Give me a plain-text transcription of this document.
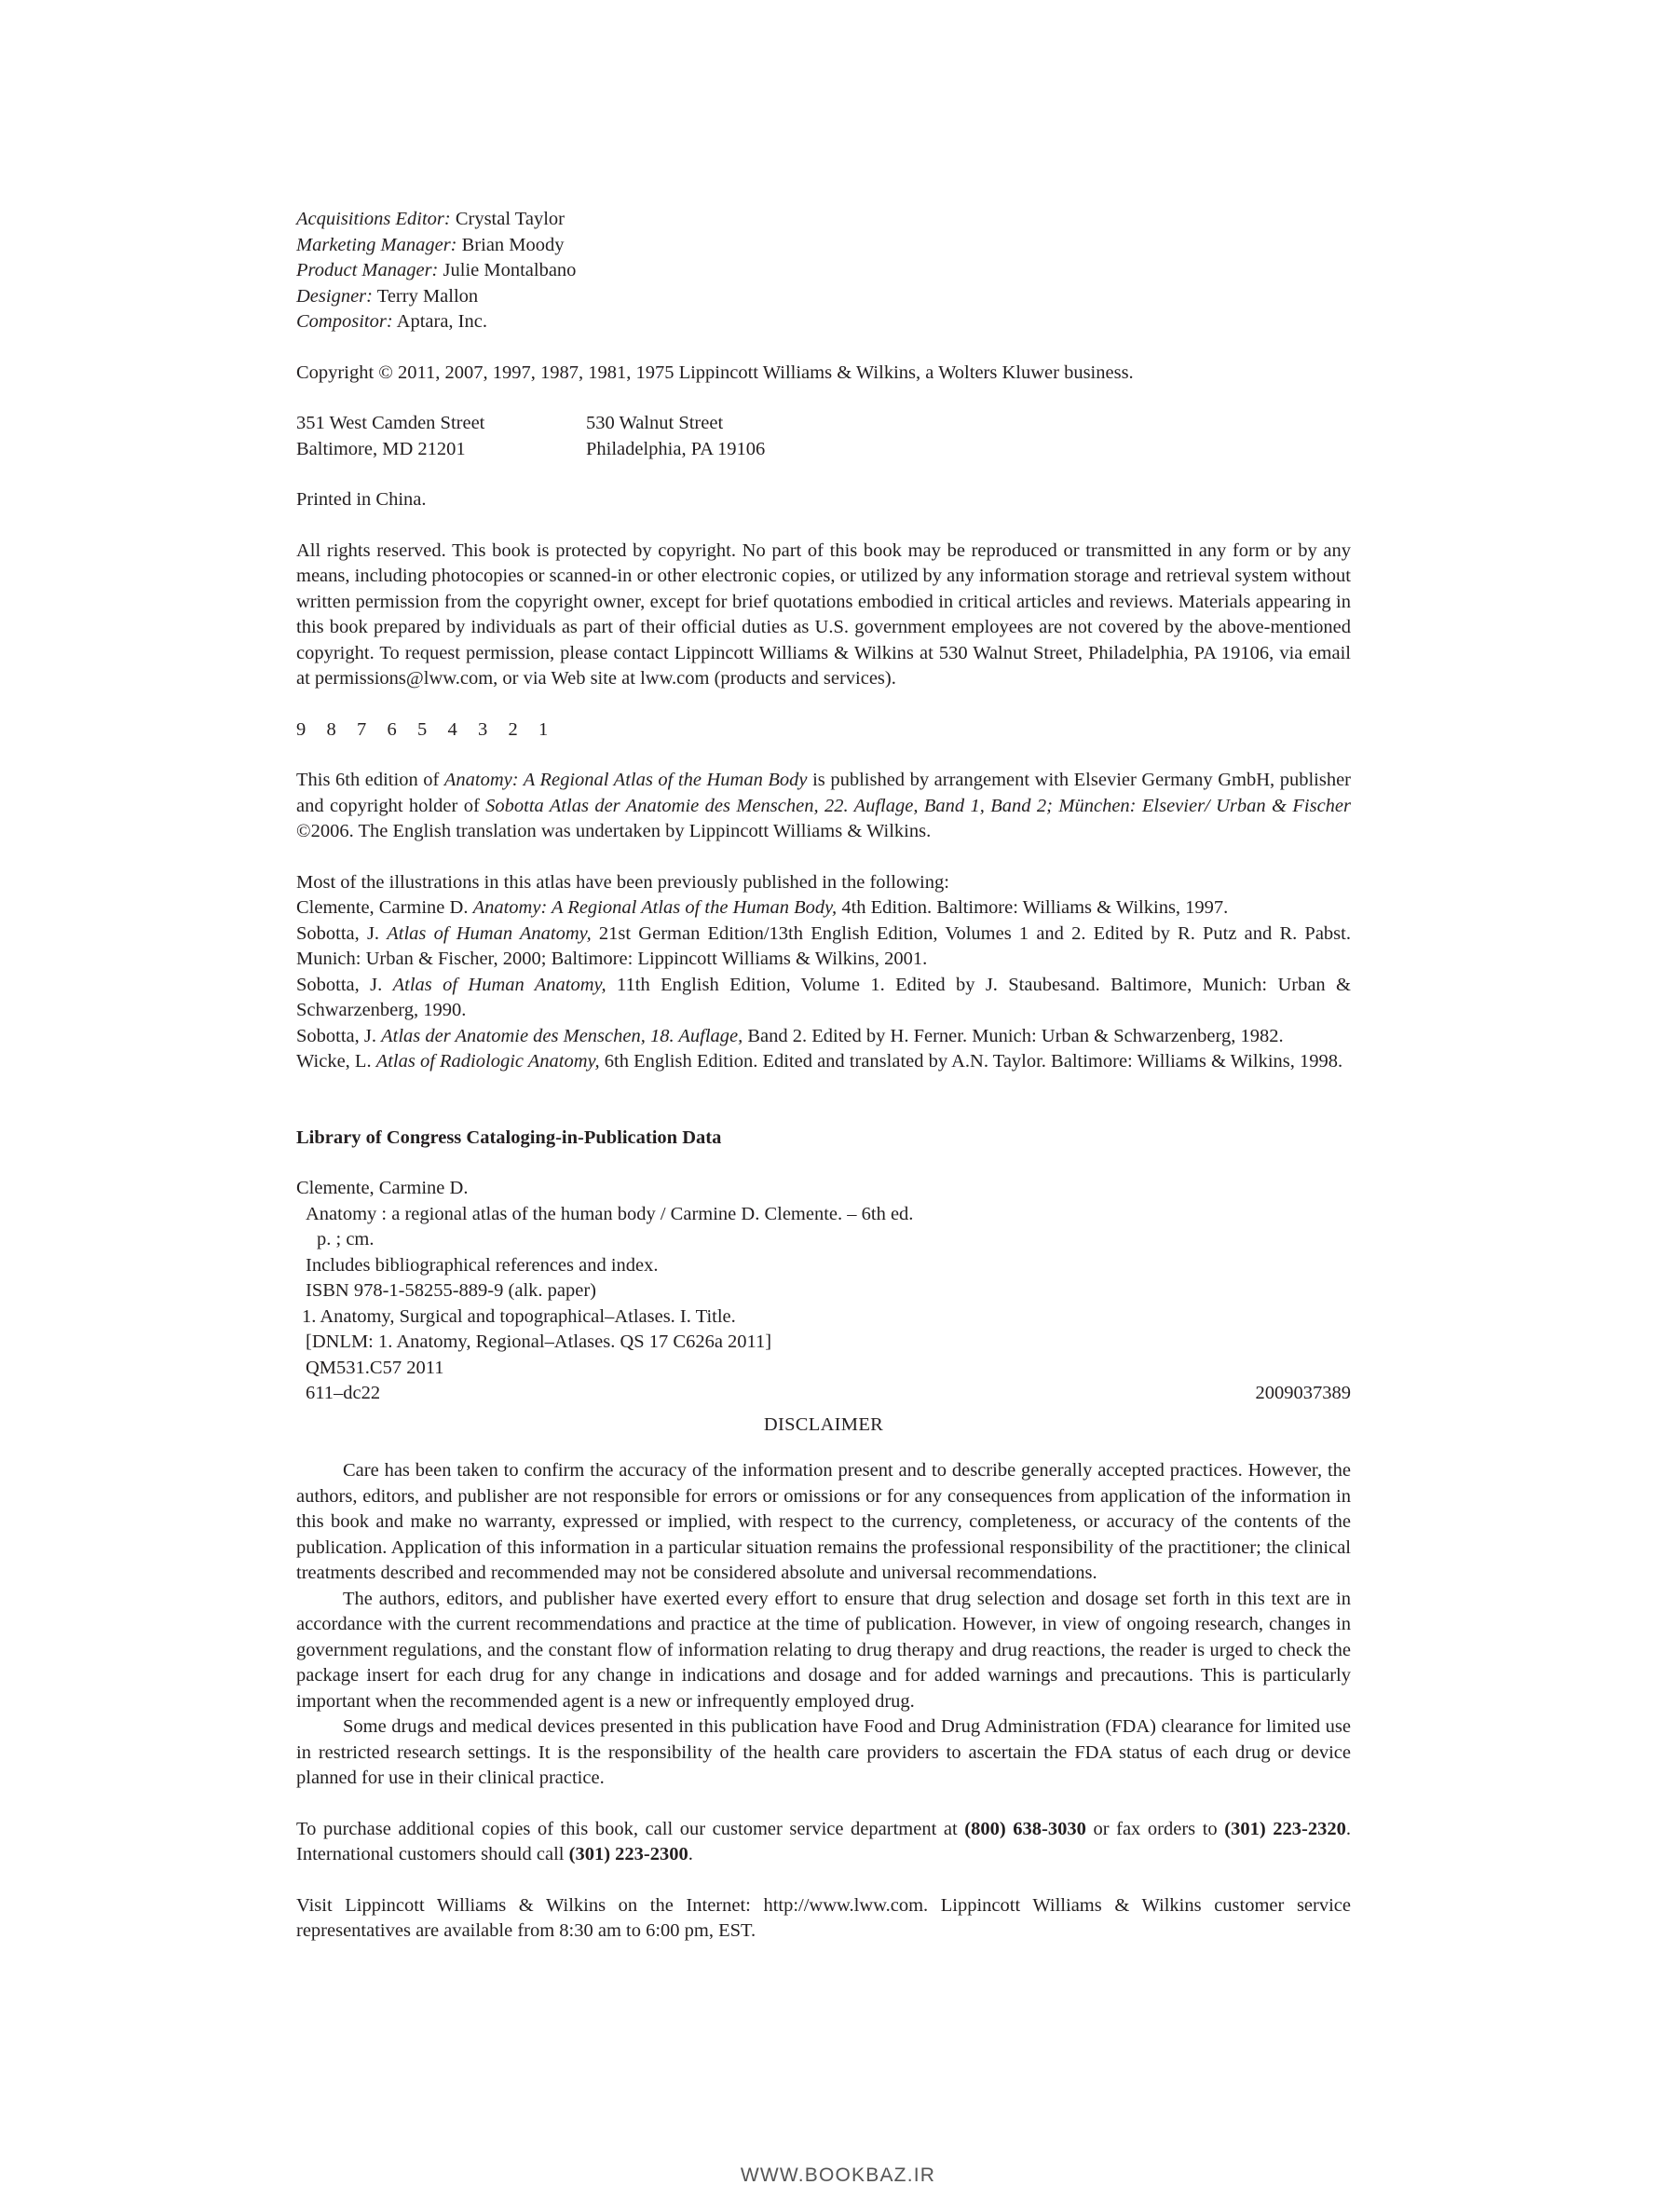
Acquisitions Editor: Crystal Taylor
Marketing Manager: Brian Moody
Product Manager: Julie Montalbano
Designer: Terry Mallon
Compositor: Aptara, Inc.
Copyright © 2011, 2007, 1997, 1987, 1981, 1975 Lippincott Williams & Wilkins, a Wolters Kluwer business.
351 West Camden Street
Baltimore, MD 21201
530 Walnut Street
Philadelphia, PA 19106
Printed in China.

All rights reserved. This book is protected by copyright. No part of this book may be reproduced or transmitted in any form or by any means, including photocopies or scanned-in or other electronic copies, or utilized by any information storage and retrieval system without written permission from the copyright owner, except for brief quotations embodied in critical articles and reviews. Materials appearing in this book prepared by individuals as part of their official duties as U.S. government employees are not covered by the above-mentioned copyright. To request permission, please contact Lippincott Williams & Wilkins at 530 Walnut Street, Philadelphia, PA 19106, via email at permissions@lww.com, or via Web site at lww.com (products and services).

9  8  7  6  5  4  3  2  1

This 6th edition of Anatomy: A Regional Atlas of the Human Body is published by arrangement with Elsevier Germany GmbH, publisher and copyright holder of Sobotta Atlas der Anatomie des Menschen, 22. Auflage, Band 1, Band 2; München: Elsevier/ Urban & Fischer ©2006. The English translation was undertaken by Lippincott Williams & Wilkins.

Most of the illustrations in this atlas have been previously published in the following:

Clemente, Carmine D. Anatomy: A Regional Atlas of the Human Body, 4th Edition. Baltimore: Williams & Wilkins, 1997.

Sobotta, J. Atlas of Human Anatomy, 21st German Edition/13th English Edition, Volumes 1 and 2. Edited by R. Putz and R. Pabst. Munich: Urban & Fischer, 2000; Baltimore: Lippincott Williams & Wilkins, 2001.

Sobotta, J. Atlas of Human Anatomy, 11th English Edition, Volume 1. Edited by J. Staubesand. Baltimore, Munich: Urban & Schwarzenberg, 1990.

Sobotta, J. Atlas der Anatomie des Menschen, 18. Auflage, Band 2. Edited by H. Ferner. Munich: Urban & Schwarzenberg, 1982.

Wicke, L. Atlas of Radiologic Anatomy, 6th English Edition. Edited and translated by A.N. Taylor. Baltimore: Williams & Wilkins, 1998.

Library of Congress Cataloging-in-Publication Data
Clemente, Carmine D.
Anatomy : a regional atlas of the human body / Carmine D. Clemente. – 6th ed.
p. ; cm.
Includes bibliographical references and index.
ISBN 978-1-58255-889-9 (alk. paper)
1. Anatomy, Surgical and topographical–Atlases. I. Title.
[DNLM: 1. Anatomy, Regional–Atlases. QS 17 C626a 2011]
QM531.C57 2011
611–dc22	2009037389
DISCLAIMER

Care has been taken to confirm the accuracy of the information present and to describe generally accepted practices. However, the authors, editors, and publisher are not responsible for errors or omissions or for any consequences from application of the information in this book and make no warranty, expressed or implied, with respect to the currency, completeness, or accuracy of the contents of the publication. Application of this information in a particular situation remains the professional responsibility of the practitioner; the clinical treatments described and recommended may not be considered absolute and universal recommendations.

The authors, editors, and publisher have exerted every effort to ensure that drug selection and dosage set forth in this text are in accordance with the current recommendations and practice at the time of publication. However, in view of ongoing research, changes in government regulations, and the constant flow of information relating to drug therapy and drug reactions, the reader is urged to check the package insert for each drug for any change in indications and dosage and for added warnings and precautions. This is particularly important when the recommended agent is a new or infrequently employed drug.

Some drugs and medical devices presented in this publication have Food and Drug Administration (FDA) clearance for limited use in restricted research settings. It is the responsibility of the health care providers to ascertain the FDA status of each drug or device planned for use in their clinical practice.

To purchase additional copies of this book, call our customer service department at (800) 638-3030 or fax orders to (301) 223-2320. International customers should call (301) 223-2300.

Visit Lippincott Williams & Wilkins on the Internet: http://www.lww.com. Lippincott Williams & Wilkins customer service representatives are available from 8:30 am to 6:00 pm, EST.

WWW.BOOKBAZ.IR
